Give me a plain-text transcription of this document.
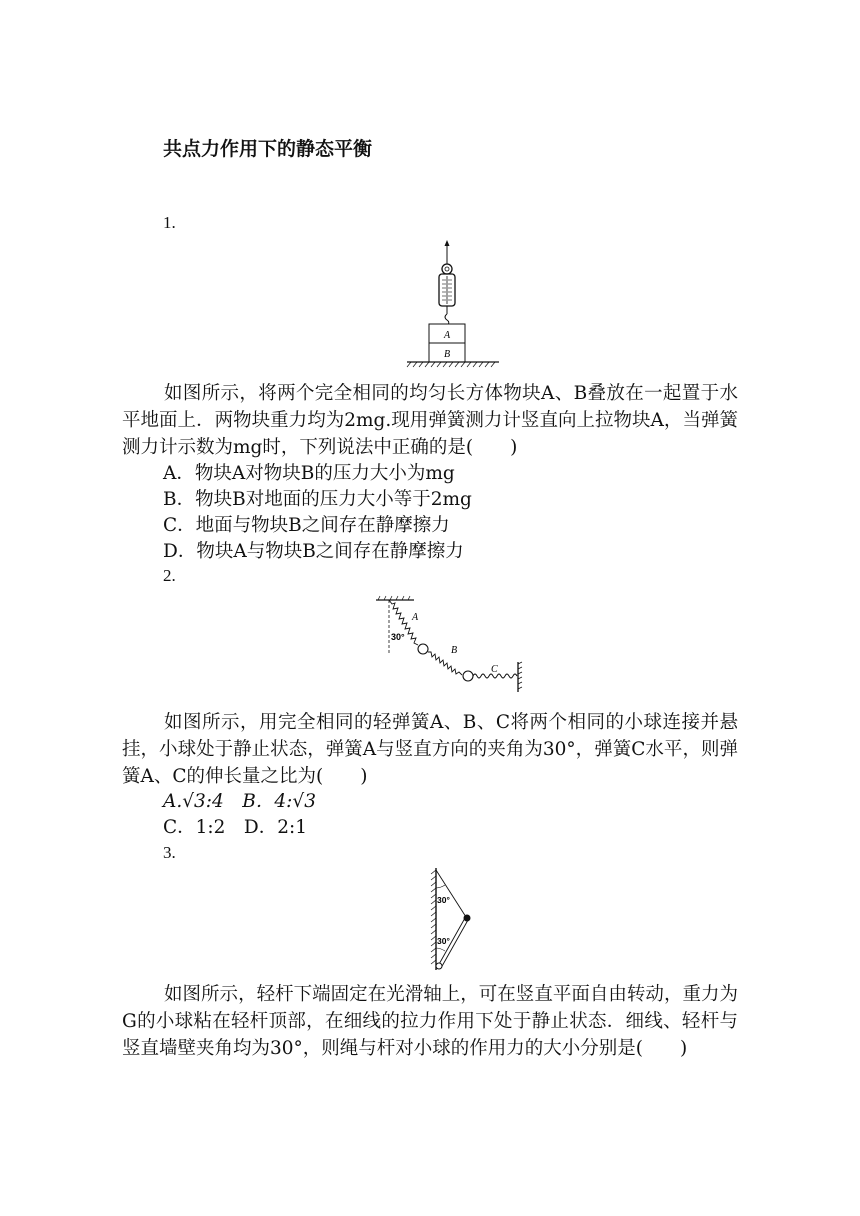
共点力作用下的静态平衡
1.
A
B
如图所示，将两个完全相同的均匀长方体物块A、B叠放在一起置于水平地面上．两物块重力均为2mg.现用弹簧测力计竖直向上拉物块A，当弹簧测力计示数为mg时，下列说法中正确的是(　　)
A．物块A对物块B的压力大小为mg
B．物块B对地面的压力大小等于2mg
C．地面与物块B之间存在静摩擦力
D．物块A与物块B之间存在静摩擦力
2.
A
B
C
30°
如图所示，用完全相同的轻弹簧A、B、C将两个相同的小球连接并悬挂，小球处于静止状态，弹簧A与竖直方向的夹角为30°，弹簧C水平，则弹簧A、C的伸长量之比为(　　)
A.√3:4　B．4:√3
C．1:2　D．2:1
3.
30°
30°
如图所示，轻杆下端固定在光滑轴上，可在竖直平面自由转动，重力为G的小球粘在轻杆顶部，在细线的拉力作用下处于静止状态．细线、轻杆与竖直墙壁夹角均为30°，则绳与杆对小球的作用力的大小分别是(　　)
